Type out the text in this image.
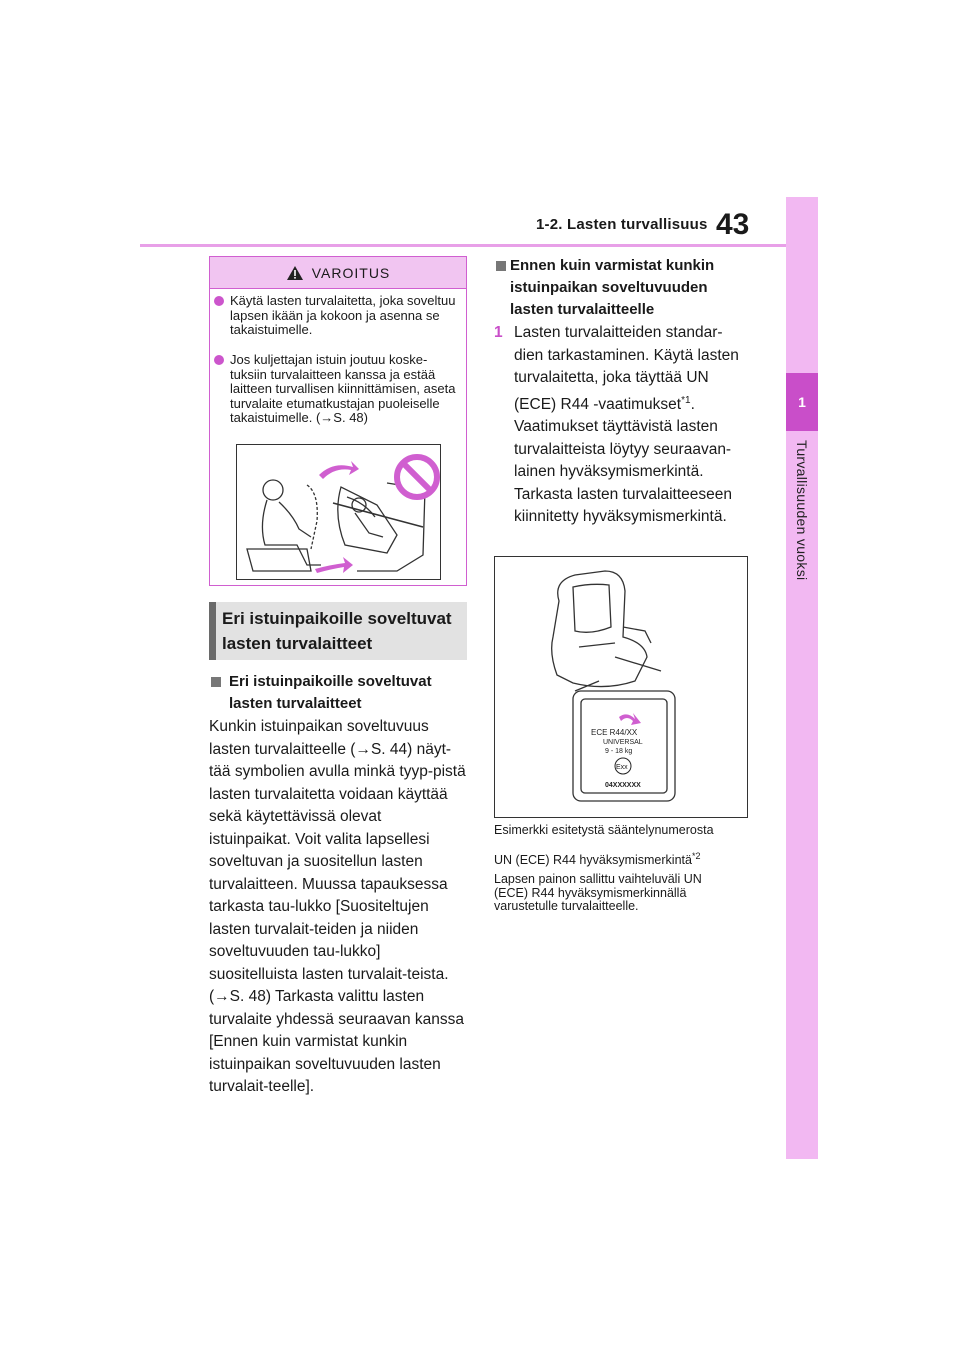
1-2. Lasten turvallisuus 43
1
Turvallisuuden vuoksi
VAROITUS
Käytä lasten turvalaitetta, joka soveltuu lapsen ikään ja kokoon ja asenna se takaistuimelle.
Jos kuljettajan istuin joutuu koske-tuksiin turvalaitteen kanssa ja estää laitteen turvallisen kiinnittämisen, aseta turvalaite etumatkustajan puoleiselle takaistuimelle. (→S. 48)
Eri istuinpaikoille soveltuvat lasten turvalaitteet
Eri istuinpaikoille soveltuvat lasten turvalaitteet
Kunkin istuinpaikan soveltuvuus lasten turvalaitteelle (→S. 44) näyt-tää symbolien avulla minkä tyyp-pistä lasten turvalaitetta voidaan käyttää sekä käytettävissä olevat istuinpaikat. Voit valita lapsellesi soveltuvan ja suositellun lasten turvalaitteen. Muussa tapauksessa tarkasta tau-lukko [Suositeltujen lasten turvalait-teiden ja niiden soveltuvuuden tau-lukko] suositelluista lasten turvalait-teista. (→S. 48) Tarkasta valittu lasten turvalaite yhdessä seuraavan kanssa [Ennen kuin varmistat kunkin istuinpaikan soveltuvuuden lasten turvalait-teelle].
Ennen kuin varmistat kunkin istuinpaikan soveltuvuuden lasten turvalaitteelle
1 Lasten turvalaitteiden standar-dien tarkastaminen. Käytä lasten turvalaitetta, joka täyttää UN (ECE) R44 -vaatimukset$^{*1}$. Vaatimukset täyttävistä lasten turvalaitteista löytyy seuraavan-lainen hyväksymismerkintä. Tarkasta lasten turvalaitteeseen kiinnitetty hyväksymismerkintä.
ECE R44/XX
UNIVERSAL
9 - 18 kg
Exx
04XXXXXX
Esimerkki esitetystä sääntelynumerosta
UN (ECE) R44 hyväksymismerkintä$^{*2}$
Lapsen painon sallittu vaihteluväli UN (ECE) R44 hyväksymismerkinnällä varustetulle turvalaitteelle.
